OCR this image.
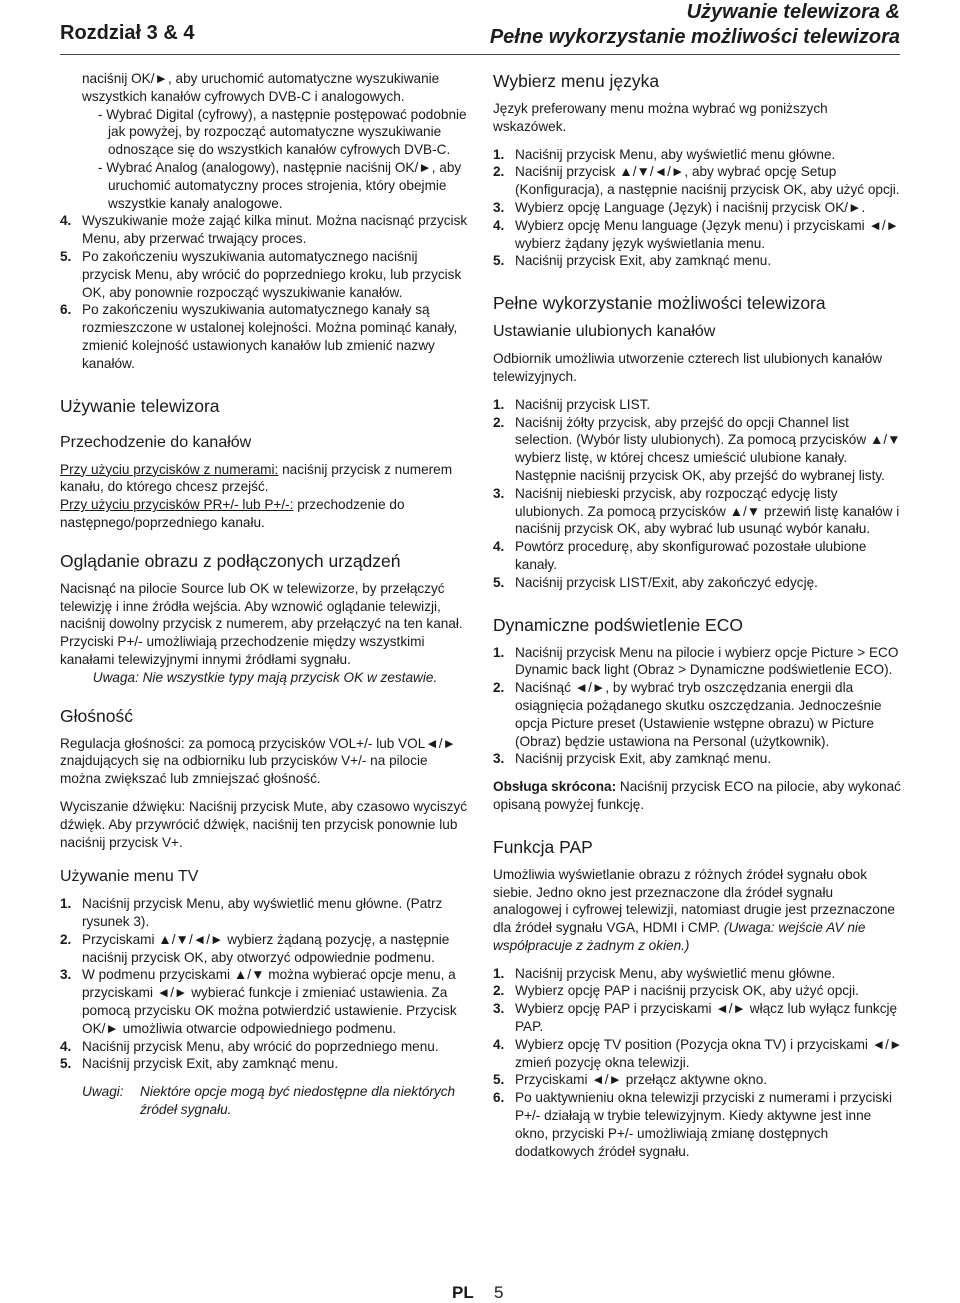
Rozdział 3 & 4
Używanie telewizora &
Pełne wykorzystanie możliwości telewizora

naciśnij OK/►, aby uruchomić automatyczne wyszukiwanie wszystkich kanałów cyfrowych DVB-C i analogowych.

- Wybrać Digital (cyfrowy), a następnie postępować podobnie jak powyżej, by rozpocząć automatyczne wyszukiwanie odnoszące się do wszystkich kanałów cyfrowych DVB-C.

- Wybrać Analog (analogowy), następnie naciśnij OK/►, aby uruchomić automatyczny proces strojenia, który obejmie wszystkie kanały analogowe.

4. Wyszukiwanie może zająć kilka minut. Można nacisnąć przycisk Menu, aby przerwać trwający proces.
5. Po zakończeniu wyszukiwania automatycznego naciśnij przycisk Menu, aby wrócić do poprzedniego kroku, lub przycisk OK, aby ponownie rozpocząć wyszukiwanie kanałów.
6. Po zakończeniu wyszukiwania automatycznego kanały są rozmieszczone w ustalonej kolejności. Można pominąć kanały, zmienić kolejność ustawionych kanałów lub zmienić nazwy kanałów.
Używanie telewizora
Przechodzenie do kanałów

Przy użyciu przycisków z numerami: naciśnij przycisk z numerem kanału, do którego chcesz przejść.

Przy użyciu przycisków PR+/- lub P+/-: przechodzenie do następnego/poprzedniego kanału.

Oglądanie obrazu z podłączonych urządzeń

Nacisnąć na pilocie Source lub OK w telewizorze, by przełączyć telewizję i inne źródła wejścia. Aby wznowić oglądanie telewizji, naciśnij dowolny przycisk z numerem, aby przełączyć na ten kanał. Przyciski P+/- umożliwiają przechodzenie między wszystkimi kanałami telewizyjnymi innymi źródłami sygnału.

Uwaga: Nie wszystkie typy mają przycisk OK w zestawie.

Głośność

Regulacja głośności: za pomocą przycisków VOL+/- lub VOL◄/► znajdujących się na odbiorniku lub przycisków V+/- na pilocie można zwiększać lub zmniejszać głośność.

Wyciszanie dźwięku: Naciśnij przycisk Mute, aby czasowo wyciszyć dźwięk. Aby przywrócić dźwięk, naciśnij ten przycisk ponownie lub naciśnij przycisk V+.

Używanie menu TV
1. Naciśnij przycisk Menu, aby wyświetlić menu główne. (Patrz rysunek 3).
2. Przyciskami ▲/▼/◄/► wybierz żądaną pozycję, a następnie naciśnij przycisk OK, aby otworzyć odpowiednie podmenu.
3. W podmenu przyciskami ▲/▼ można wybierać opcje menu, a przyciskami ◄/► wybierać funkcje i zmieniać ustawienia. Za pomocą przycisku OK można potwierdzić ustawienie. Przycisk OK/► umożliwia otwarcie odpowiedniego podmenu.
4. Naciśnij przycisk Menu, aby wrócić do poprzedniego menu.
5. Naciśnij przycisk Exit, aby zamknąć menu.
Uwagi:	Niektóre opcje mogą być niedostępne dla niektórych źródeł sygnału.
Wybierz menu języka

Język preferowany menu można wybrać wg poniższych wskazówek.

1. Naciśnij przycisk Menu, aby wyświetlić menu główne.
2. Naciśnij przycisk ▲/▼/◄/►, aby wybrać opcję Setup (Konfiguracja), a następnie naciśnij przycisk OK, aby użyć opcji.
3. Wybierz opcję Language (Język) i naciśnij przycisk OK/►.
4. Wybierz opcję Menu language (Język menu) i przyciskami ◄/► wybierz żądany język wyświetlania menu.
5. Naciśnij przycisk Exit, aby zamknąć menu.
Pełne wykorzystanie możliwości telewizora
Ustawianie ulubionych kanałów

Odbiornik umożliwia utworzenie czterech list ulubionych kanałów telewizyjnych.

1. Naciśnij przycisk LIST.
2. Naciśnij żółty przycisk, aby przejść do opcji Channel list selection. (Wybór listy ulubionych). Za pomocą przycisków ▲/▼ wybierz listę, w której chcesz umieścić ulubione kanały. Następnie naciśnij przycisk OK, aby przejść do wybranej listy.
3. Naciśnij niebieski przycisk, aby rozpocząć edycję listy ulubionych. Za pomocą przycisków ▲/▼ przewiń listę kanałów i naciśnij przycisk OK, aby wybrać lub usunąć wybór kanału.
4. Powtórz procedurę, aby skonfigurować pozostałe ulubione kanały.
5. Naciśnij przycisk LIST/Exit, aby zakończyć edycję.
Dynamiczne podświetlenie ECO
1. Naciśnij przycisk Menu na pilocie i wybierz opcje Picture > ECO Dynamic back light (Obraz > Dynamiczne podświetlenie ECO).
2. Naciśnąć ◄/►, by wybrać tryb oszczędzania energii dla osiągnięcia pożądanego skutku oszczędzania. Jednocześnie opcja Picture preset (Ustawienie wstępne obrazu) w Picture (Obraz) będzie ustawiona na Personal (użytkownik).
3. Naciśnij przycisk Exit, aby zamknąć menu.

Obsługa skrócona: Naciśnij przycisk ECO na pilocie, aby wykonać opisaną powyżej funkcję.

Funkcja PAP

Umożliwia wyświetlanie obrazu z różnych źródeł sygnału obok siebie. Jedno okno jest przeznaczone dla źródeł sygnału analogowej i cyfrowej telewizji, natomiast drugie jest przeznaczone dla źródeł sygnału VGA, HDMI i CMP. (Uwaga: wejście AV nie współpracuje z żadnym z okien.)

1. Naciśnij przycisk Menu, aby wyświetlić menu główne.
2. Wybierz opcję PAP i naciśnij przycisk OK, aby użyć opcji.
3. Wybierz opcję PAP i przyciskami ◄/► włącz lub wyłącz funkcję PAP.
4. Wybierz opcję TV position (Pozycja okna TV) i przyciskami ◄/► zmień pozycję okna telewizji.
5. Przyciskami ◄/► przełącz aktywne okno.
6. Po uaktywnieniu okna telewizji przyciski z numerami i przyciski P+/- działają w trybie telewizyjnym. Kiedy aktywne jest inne okno, przyciski P+/- umożliwiają zmianę dostępnych dodatkowych źródeł sygnału.
PL 5
